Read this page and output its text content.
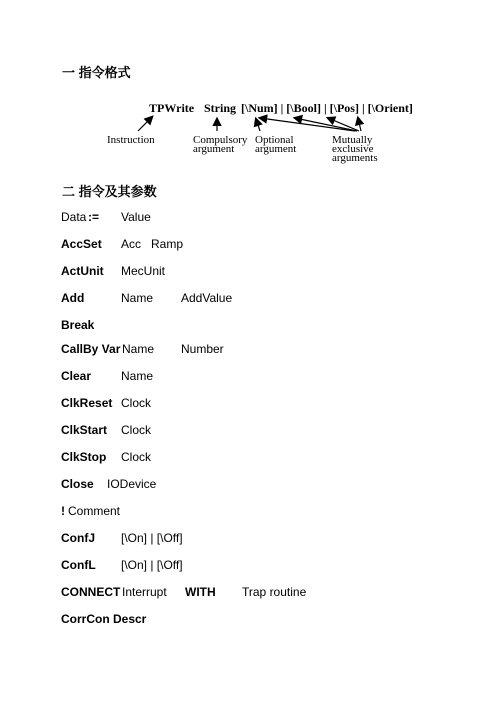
一 指令格式
TPWrite String [\Num] | [\Bool] | [\Pos] | [\Orient]
Instruction	Compulsory
argument
Optional
argument
Mutually
exclusive
arguments
二 指令及其参数
Data := Value
AccSet Acc   Ramp
ActUnit MecUnit
Add	Name AddValue
Break
CallBy Var Name Number
Clear Name
ClkReset Clock
ClkStart Clock
ClkStop Clock
Close IODevice
! Comment
ConfJ [\On] | [\Off]
ConfL [\On] | [\Off]
CONNECT Interrupt WITH Trap routine
CorrCon Descr
